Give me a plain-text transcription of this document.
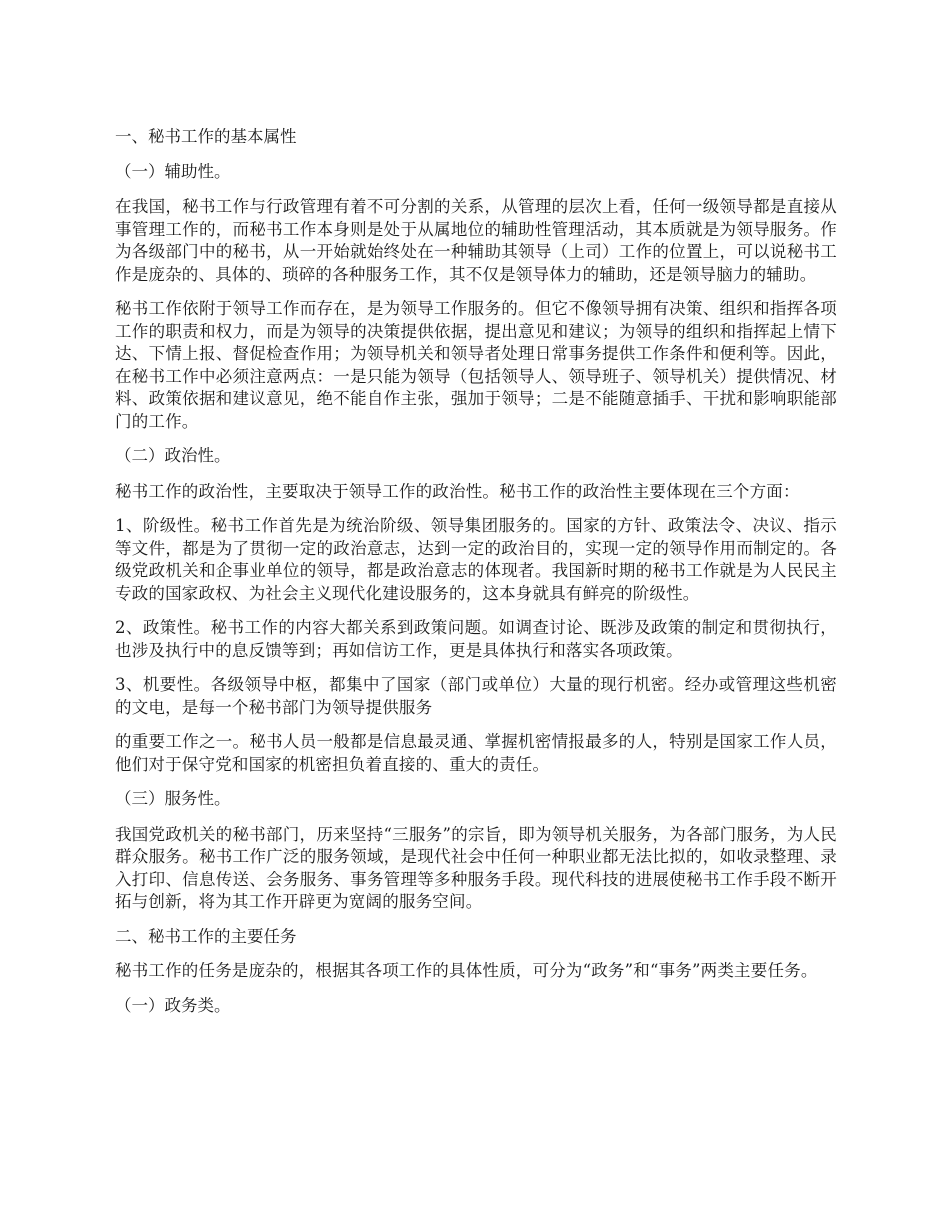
一、秘书工作的基本属性

（一）辅助性。

在我国，秘书工作与行政管理有着不可分割的关系，从管理的层次上看，任何一级领导都是直接从事管理工作的，而秘书工作本身则是处于从属地位的辅助性管理活动，其本质就是为领导服务。作为各级部门中的秘书，从一开始就始终处在一种辅助其领导（上司）工作的位置上，可以说秘书工作是庞杂的、具体的、琐碎的各种服务工作，其不仅是领导体力的辅助，还是领导脑力的辅助。

秘书工作依附于领导工作而存在，是为领导工作服务的。但它不像领导拥有决策、组织和指挥各项工作的职责和权力，而是为领导的决策提供依据，提出意见和建议；为领导的组织和指挥起上情下达、下情上报、督促检查作用；为领导机关和领导者处理日常事务提供工作条件和便利等。因此，在秘书工作中必须注意两点：一是只能为领导（包括领导人、领导班子、领导机关）提供情况、材料、政策依据和建议意见，绝不能自作主张，强加于领导；二是不能随意插手、干扰和影响职能部门的工作。

（二）政治性。

秘书工作的政治性，主要取决于领导工作的政治性。秘书工作的政治性主要体现在三个方面：

1、阶级性。秘书工作首先是为统治阶级、领导集团服务的。国家的方针、政策法令、决议、指示等文件，都是为了贯彻一定的政治意志，达到一定的政治目的，实现一定的领导作用而制定的。各级党政机关和企事业单位的领导，都是政治意志的体现者。我国新时期的秘书工作就是为人民民主专政的国家政权、为社会主义现代化建设服务的，这本身就具有鲜亮的阶级性。

2、政策性。秘书工作的内容大都关系到政策问题。如调查讨论、既涉及政策的制定和贯彻执行，也涉及执行中的息反馈等到；再如信访工作，更是具体执行和落实各项政策。

3、机要性。各级领导中枢，都集中了国家（部门或单位）大量的现行机密。经办或管理这些机密的文电，是每一个秘书部门为领导提供服务

的重要工作之一。秘书人员一般都是信息最灵通、掌握机密情报最多的人，特别是国家工作人员，他们对于保守党和国家的机密担负着直接的、重大的责任。

（三）服务性。

我国党政机关的秘书部门，历来坚持“三服务”的宗旨，即为领导机关服务，为各部门服务，为人民群众服务。秘书工作广泛的服务领域，是现代社会中任何一种职业都无法比拟的，如收录整理、录入打印、信息传送、会务服务、事务管理等多种服务手段。现代科技的进展使秘书工作手段不断开拓与创新，将为其工作开辟更为宽阔的服务空间。

二、秘书工作的主要任务

秘书工作的任务是庞杂的，根据其各项工作的具体性质，可分为“政务”和“事务”两类主要任务。

（一）政务类。
